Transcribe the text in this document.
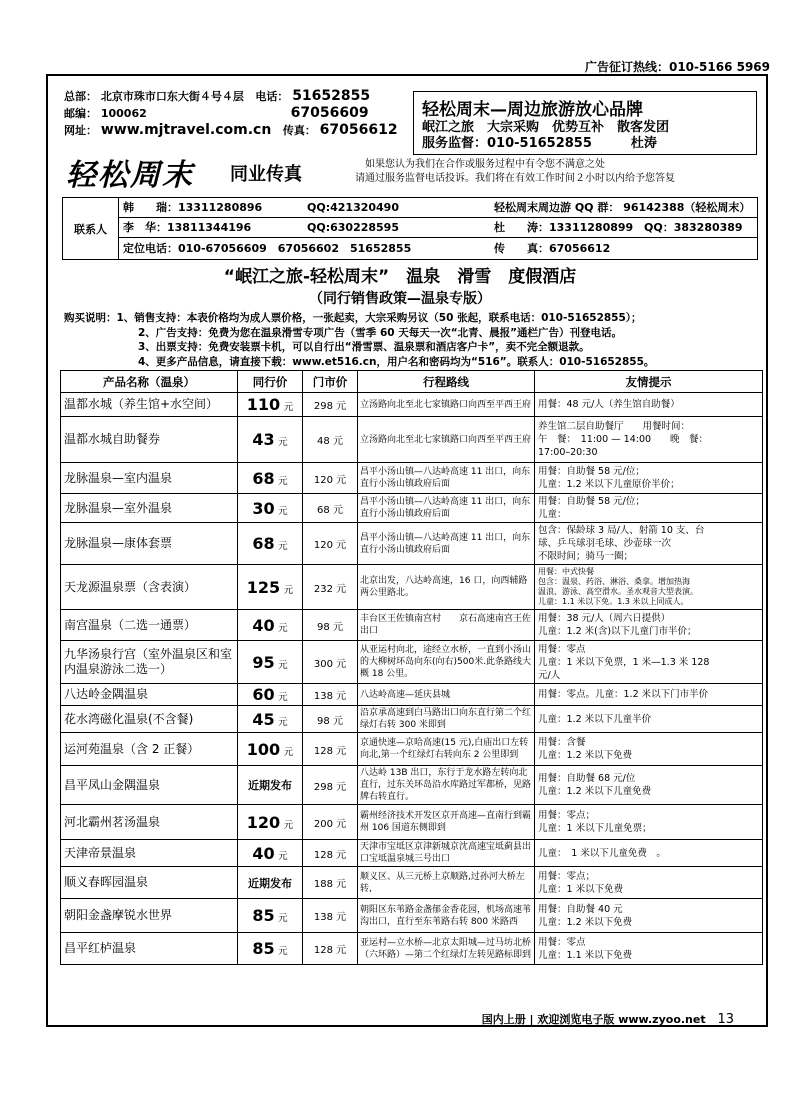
广告征订热线：010-5166 5969
总部： 北京市珠市口东大街４号４层 电话： 51652855
邮编： 100062	67056609
网址： www.mjtravel.com.cn 传真： 67056612
轻松周末—周边旅游放心品牌
岷江之旅　大宗采购　优势互补　散客发团
服务监督：010-51652855　　　杜涛
轻松周末 同业传真	如果您认为我们在合作或服务过程中有令您不满意之处
请通过服务监督电话投诉。我们将在有效工作时间２小时以内给予您答复
联系人
韩　　瑞：13311280896	QQ:421320490	轻松周末周边游 QQ 群： 96142388（轻松周末）
李　华：13811344196	QQ:630228595	杜　　涛：13311280899 QQ：383280389
定位电话：010-67056609　67056602　51652855	传　　真：67056612
“岷江之旅-轻松周末”　温泉　滑雪　度假酒店
（同行销售政策—温泉专版）
购买说明：1、销售支持：本表价格均为成人票价格，一张起卖，大宗采购另议（50 张起，联系电话：010-51652855）；
2、广告支持：免费为您在温泉滑雪专项广告（雪季 60 天每天一次“北青、晨报”通栏广告）刊登电话。
3、出票支持：免费安装票卡机，可以自行出“滑雪票、温泉票和酒店客户卡”，卖不完全额退款。
4、更多产品信息，请直接下载：www.et516.cn，用户名和密码均为“516”。联系人：010-51652855。
产品名称（温泉）	同行价	门市价	行程路线	友情提示
温都水城（养生馆+水空间）	110 元	298 元	立汤路向北至北七家镇路口向西至平西王府	用餐：48 元/人（养生馆自助餐）

温都水城自助餐券	43 元	48 元	立汤路向北至北七家镇路口向西至平西王府	养生馆二层自助餐厅　　用餐时间：
午　餐：　11:00 — 14:00　　晚　餐：
17:00–20:30

龙脉温泉—室内温泉	68 元	120 元	昌平小汤山镇—八达岭高速 11 出口，向东直行小汤山镇政府后面	用餐：自助餐 58 元/位；
儿童：1.2 米以下儿童原价半价；

龙脉温泉—室外温泉	30 元	68 元	昌平小汤山镇—八达岭高速 11 出口，向东直行小汤山镇政府后面	用餐：自助餐 58 元/位；
儿童：

龙脉温泉—康体套票	68 元	120 元	昌平小汤山镇—八达岭高速 11 出口，向东直行小汤山镇政府后面	包含：保龄球 3 局/人、射箭 10 支、台
球、乒乓球羽毛球、沙壶球一次
不限时间；骑马一圈；

天龙源温泉票（含表演）	125 元	232 元	北京出发，八达岭高速，16 口，向西辅路两公里路北。	用餐：中式快餐
包含：温泉、药浴、淋浴、桑拿。增加热海
温浪、游泳、高空滑水。圣水观音大型表演。
儿童：1.1 米以下免。1.3 米以上同成人。

南宫温泉（二选一通票）	40 元	98 元	丰台区王佐镇南宫村　　京石高速南宫王佐出口	用餐：38 元/人（周六日提供）
儿童：1.2 米(含)以下儿童门市半价；

九华汤泉行宫（室外温泉区和室内温泉游泳二选一）	95 元	300 元	从亚运村向北，途经立水桥，一直到小汤山的大柳树环岛向东(向右)500米.此条路线大概 18 公里。	用餐：零点
儿童：1 米以下免票，1 米—1.3 米 128
元/人

八达岭金隅温泉	60 元	138 元	八达岭高速—延庆县城	用餐：零点。儿童：1.2 米以下门市半价

花水湾磁化温泉(不含餐)	45 元	98 元	沿京承高速到白马路出口向东直行第二个红绿灯右转 300 米即到	儿童：1.2 米以下儿童半价

运河苑温泉（含 2 正餐）	100 元	128 元	京通快速—京哈高速(15 元),白庙出口左转向北,第一个红绿灯右转向东 2 公里即到	用餐：含餐
儿童：1.2 米以下免费

昌平凤山金隅温泉	近期发布	298 元	八达岭 13B 出口，东行于龙水路左转向北直行，过东关环岛沿水库路过军都桥，见路牌右转直行。	用餐：自助餐 68 元/位
儿童：1.2 米以下儿童免费

河北霸州茗汤温泉	120 元	200 元	霸州经济技术开发区京开高速—直南行到霸州 106 国道东侧即到	用餐：零点；
儿童：1 米以下儿童免票；

天津帝景温泉	40 元	128 元	天津市宝坻区京津新城京沈高速宝坻蓟县出口宝坻温泉城三号出口	儿童：　1 米以下儿童免费　。

顺义春晖园温泉	近期发布	188 元	顺义区、从三元桥上京顺路,过孙河大桥左转,	用餐：零点；
儿童：1 米以下免费

朝阳金盏摩锐水世界	85 元	138 元	朝阳区东苇路金盏郁金香花园，机场高速苇沟出口，直行至东苇路右转 800 米路西	用餐：自助餐 40 元
儿童：1.2 米以下免费

昌平红栌温泉	85 元	128 元	亚运村—立水桥—北京太阳城—过马坊北桥（六环路）—第二个红绿灯左转见路标即到	用餐：零点
儿童：1.1 米以下免费
国内上册 | 欢迎浏览电子版 www.zyoo.net 13
